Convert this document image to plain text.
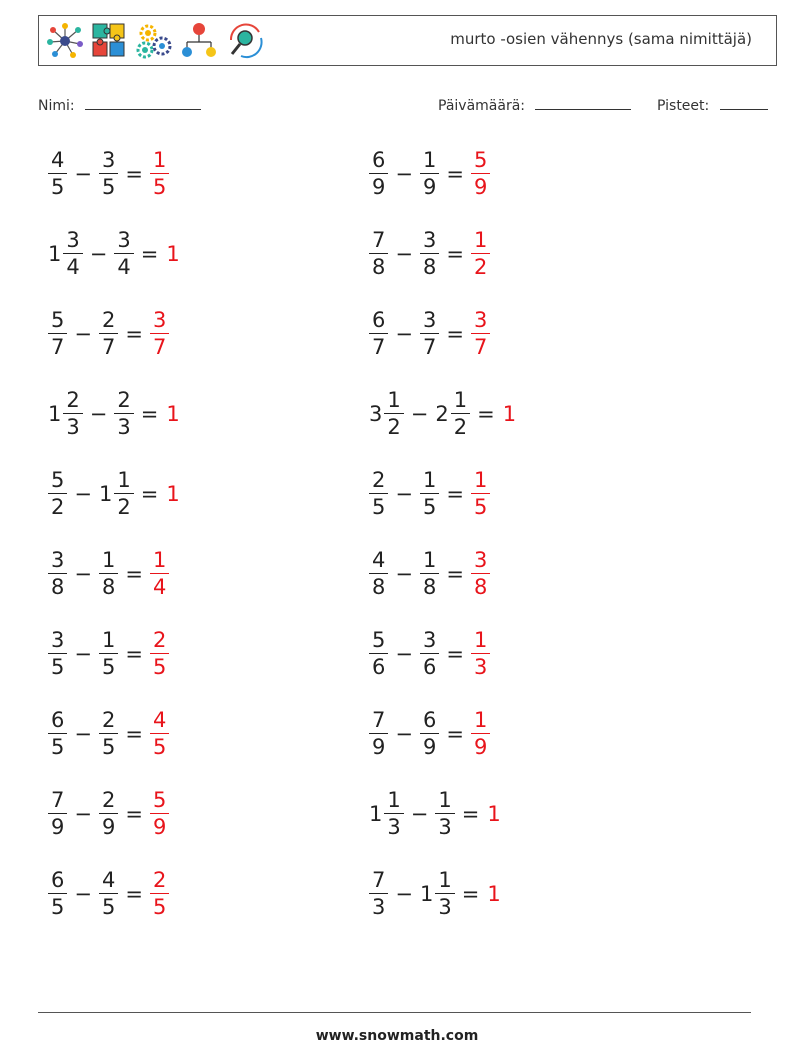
murto -osien vähennys (sama nimittäjä)
Nimi:	Päivämäärä:	Pisteet:
$\frac{4}{5} - \frac{3}{5} = \frac{1}{5}$	$\frac{6}{9} - \frac{1}{9} = \frac{5}{9}$
$1 \frac{3}{4} - \frac{3}{4} = 1$	$\frac{7}{8} - \frac{3}{8} = \frac{1}{2}$
$\frac{5}{7} - \frac{2}{7} = \frac{3}{7}$	$\frac{6}{7} - \frac{3}{7} = \frac{3}{7}$
$1 \frac{2}{3} - \frac{2}{3} = 1$	$3 \frac{1}{2} - 2 \frac{1}{2} = 1$
$\frac{5}{2} - 1 \frac{1}{2} = 1$	$\frac{2}{5} - \frac{1}{5} = \frac{1}{5}$
$\frac{3}{8} - \frac{1}{8} = \frac{1}{4}$	$\frac{4}{8} - \frac{1}{8} = \frac{3}{8}$
$\frac{3}{5} - \frac{1}{5} = \frac{2}{5}$	$\frac{5}{6} - \frac{3}{6} = \frac{1}{3}$
$\frac{6}{5} - \frac{2}{5} = \frac{4}{5}$	$\frac{7}{9} - \frac{6}{9} = \frac{1}{9}$
$\frac{7}{9} - \frac{2}{9} = \frac{5}{9}$	$1 \frac{1}{3} - \frac{1}{3} = 1$
$\frac{6}{5} - \frac{4}{5} = \frac{2}{5}$	$\frac{7}{3} - 1 \frac{1}{3} = 1$
www.snowmath.com
